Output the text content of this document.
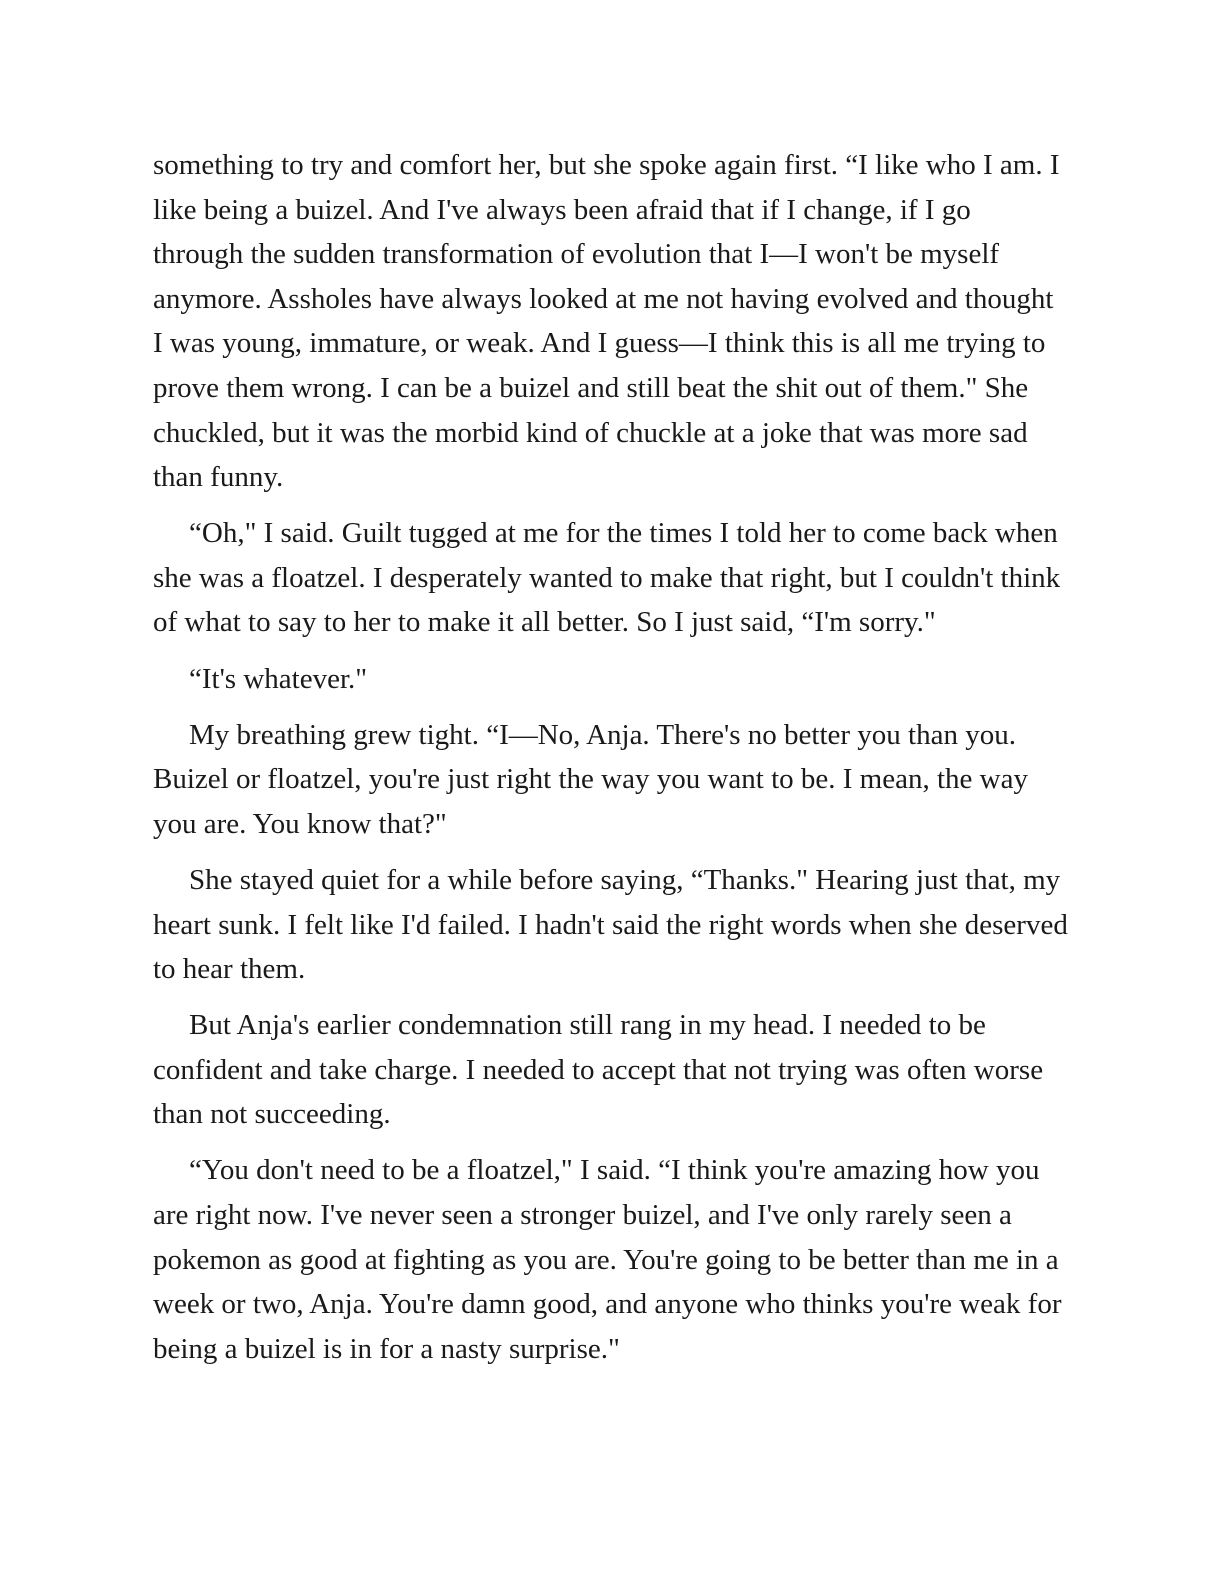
something to try and comfort her, but she spoke again first. “I like who I am. I like being a buizel. And I've always been afraid that if I change, if I go through the sudden transformation of evolution that I—I won't be myself anymore. Assholes have always looked at me not having evolved and thought I was young, immature, or weak. And I guess—I think this is all me trying to prove them wrong. I can be a buizel and still beat the shit out of them." She chuckled, but it was the morbid kind of chuckle at a joke that was more sad than funny.

“Oh," I said. Guilt tugged at me for the times I told her to come back when she was a floatzel. I desperately wanted to make that right, but I couldn't think of what to say to her to make it all better. So I just said, “I'm sorry."

“It's whatever."

My breathing grew tight. “I—No, Anja. There's no better you than you. Buizel or floatzel, you're just right the way you want to be. I mean, the way you are. You know that?"

She stayed quiet for a while before saying, “Thanks." Hearing just that, my heart sunk. I felt like I'd failed. I hadn't said the right words when she deserved to hear them.

But Anja's earlier condemnation still rang in my head. I needed to be confident and take charge. I needed to accept that not trying was often worse than not succeeding.

“You don't need to be a floatzel," I said. “I think you're amazing how you are right now. I've never seen a stronger buizel, and I've only rarely seen a pokemon as good at fighting as you are. You're going to be better than me in a week or two, Anja. You're damn good, and anyone who thinks you're weak for being a buizel is in for a nasty surprise."
